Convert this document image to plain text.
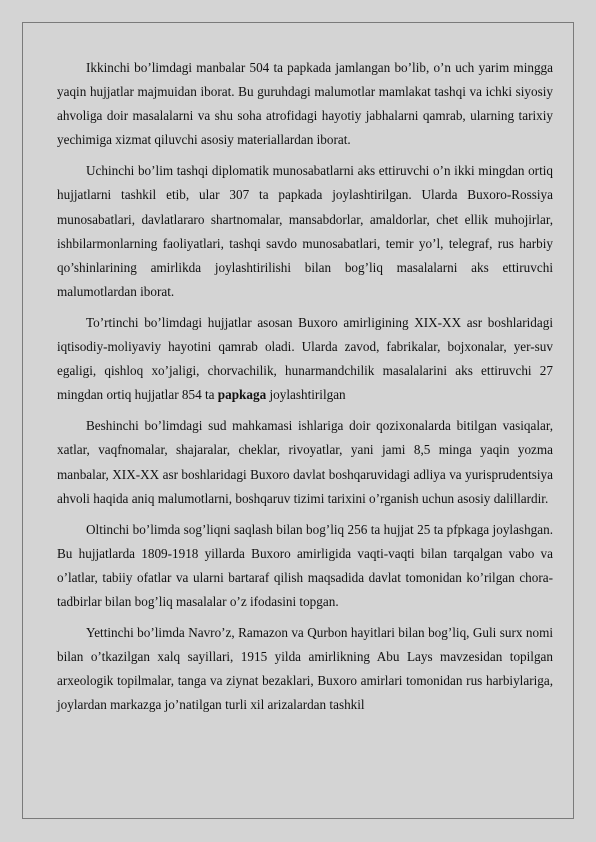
Ikkinchi bo’limdagi manbalar 504 ta papkada jamlangan bo’lib, o’n uch yarim mingga yaqin hujjatlar majmuidan iborat. Bu guruhdagi malumotlar mamlakat tashqi va ichki siyosiy ahvoliga doir masalalarni va shu soha atrofidagi hayotiy jabhalarni qamrab, ularning tarixiy yechimiga xizmat qiluvchi asosiy materiallardan iborat.

Uchinchi bo’lim tashqi diplomatik munosabatlarni aks ettiruvchi o’n ikki mingdan ortiq hujjatlarni tashkil etib, ular 307 ta papkada joylashtirilgan. Ularda Buxoro-Rossiya munosabatlari, davlatlararo shartnomalar, mansabdorlar, amaldorlar, chet ellik muhojirlar, ishbilarmonlarning faoliyatlari, tashqi savdo munosabatlari, temir yo’l, telegraf, rus harbiy qo’shinlarining amirlikda joylashtirilishi bilan bog’liq masalalarni aks ettiruvchi malumotlardan iborat.

To’rtinchi bo’limdagi hujjatlar asosan Buxoro amirligining XIX-XX asr boshlaridagi iqtisodiy-moliyaviy hayotini qamrab oladi. Ularda zavod, fabrikalar, bojxonalar, yer-suv egaligi, qishloq xo’jaligi, chorvachilik, hunarmandchilik masalalarini aks ettiruvchi 27 mingdan ortiq hujjatlar 854 ta papkaga joylashtirilgan

Beshinchi bo’limdagi sud mahkamasi ishlariga doir qozixonalarda bitilgan vasiqalar, xatlar, vaqfnomalar, shajaralar, cheklar, rivoyatlar, yani jami 8,5 minga yaqin yozma manbalar, XIX-XX asr boshlaridagi Buxoro davlat boshqaruvidagi adliya va yurisprudentsiya ahvoli haqida aniq malumotlarni, boshqaruv tizimi tarixini o’rganish uchun asosiy dalillardir.

Oltinchi bo’limda sog’liqni saqlash bilan bog’liq 256 ta hujjat 25 ta pfpkaga joylashgan. Bu hujjatlarda 1809-1918 yillarda Buxoro amirligida vaqti-vaqti bilan tarqalgan vabo va o’latlar, tabiiy ofatlar va ularni bartaraf qilish maqsadida davlat tomonidan ko’rilgan chora-tadbirlar bilan bog’liq masalalar o’z ifodasini topgan.

Yettinchi bo’limda Navro’z, Ramazon va Qurbon hayitlari bilan bog’liq, Guli surx nomi bilan o’tkazilgan xalq sayillari, 1915 yilda amirlikning Abu Lays mavzesidan topilgan arxeologik topilmalar, tanga va ziynat bezaklari, Buxoro amirlari tomonidan rus harbiylariga, joylardan markazga jo’natilgan turli xil arizalardan tashkil
